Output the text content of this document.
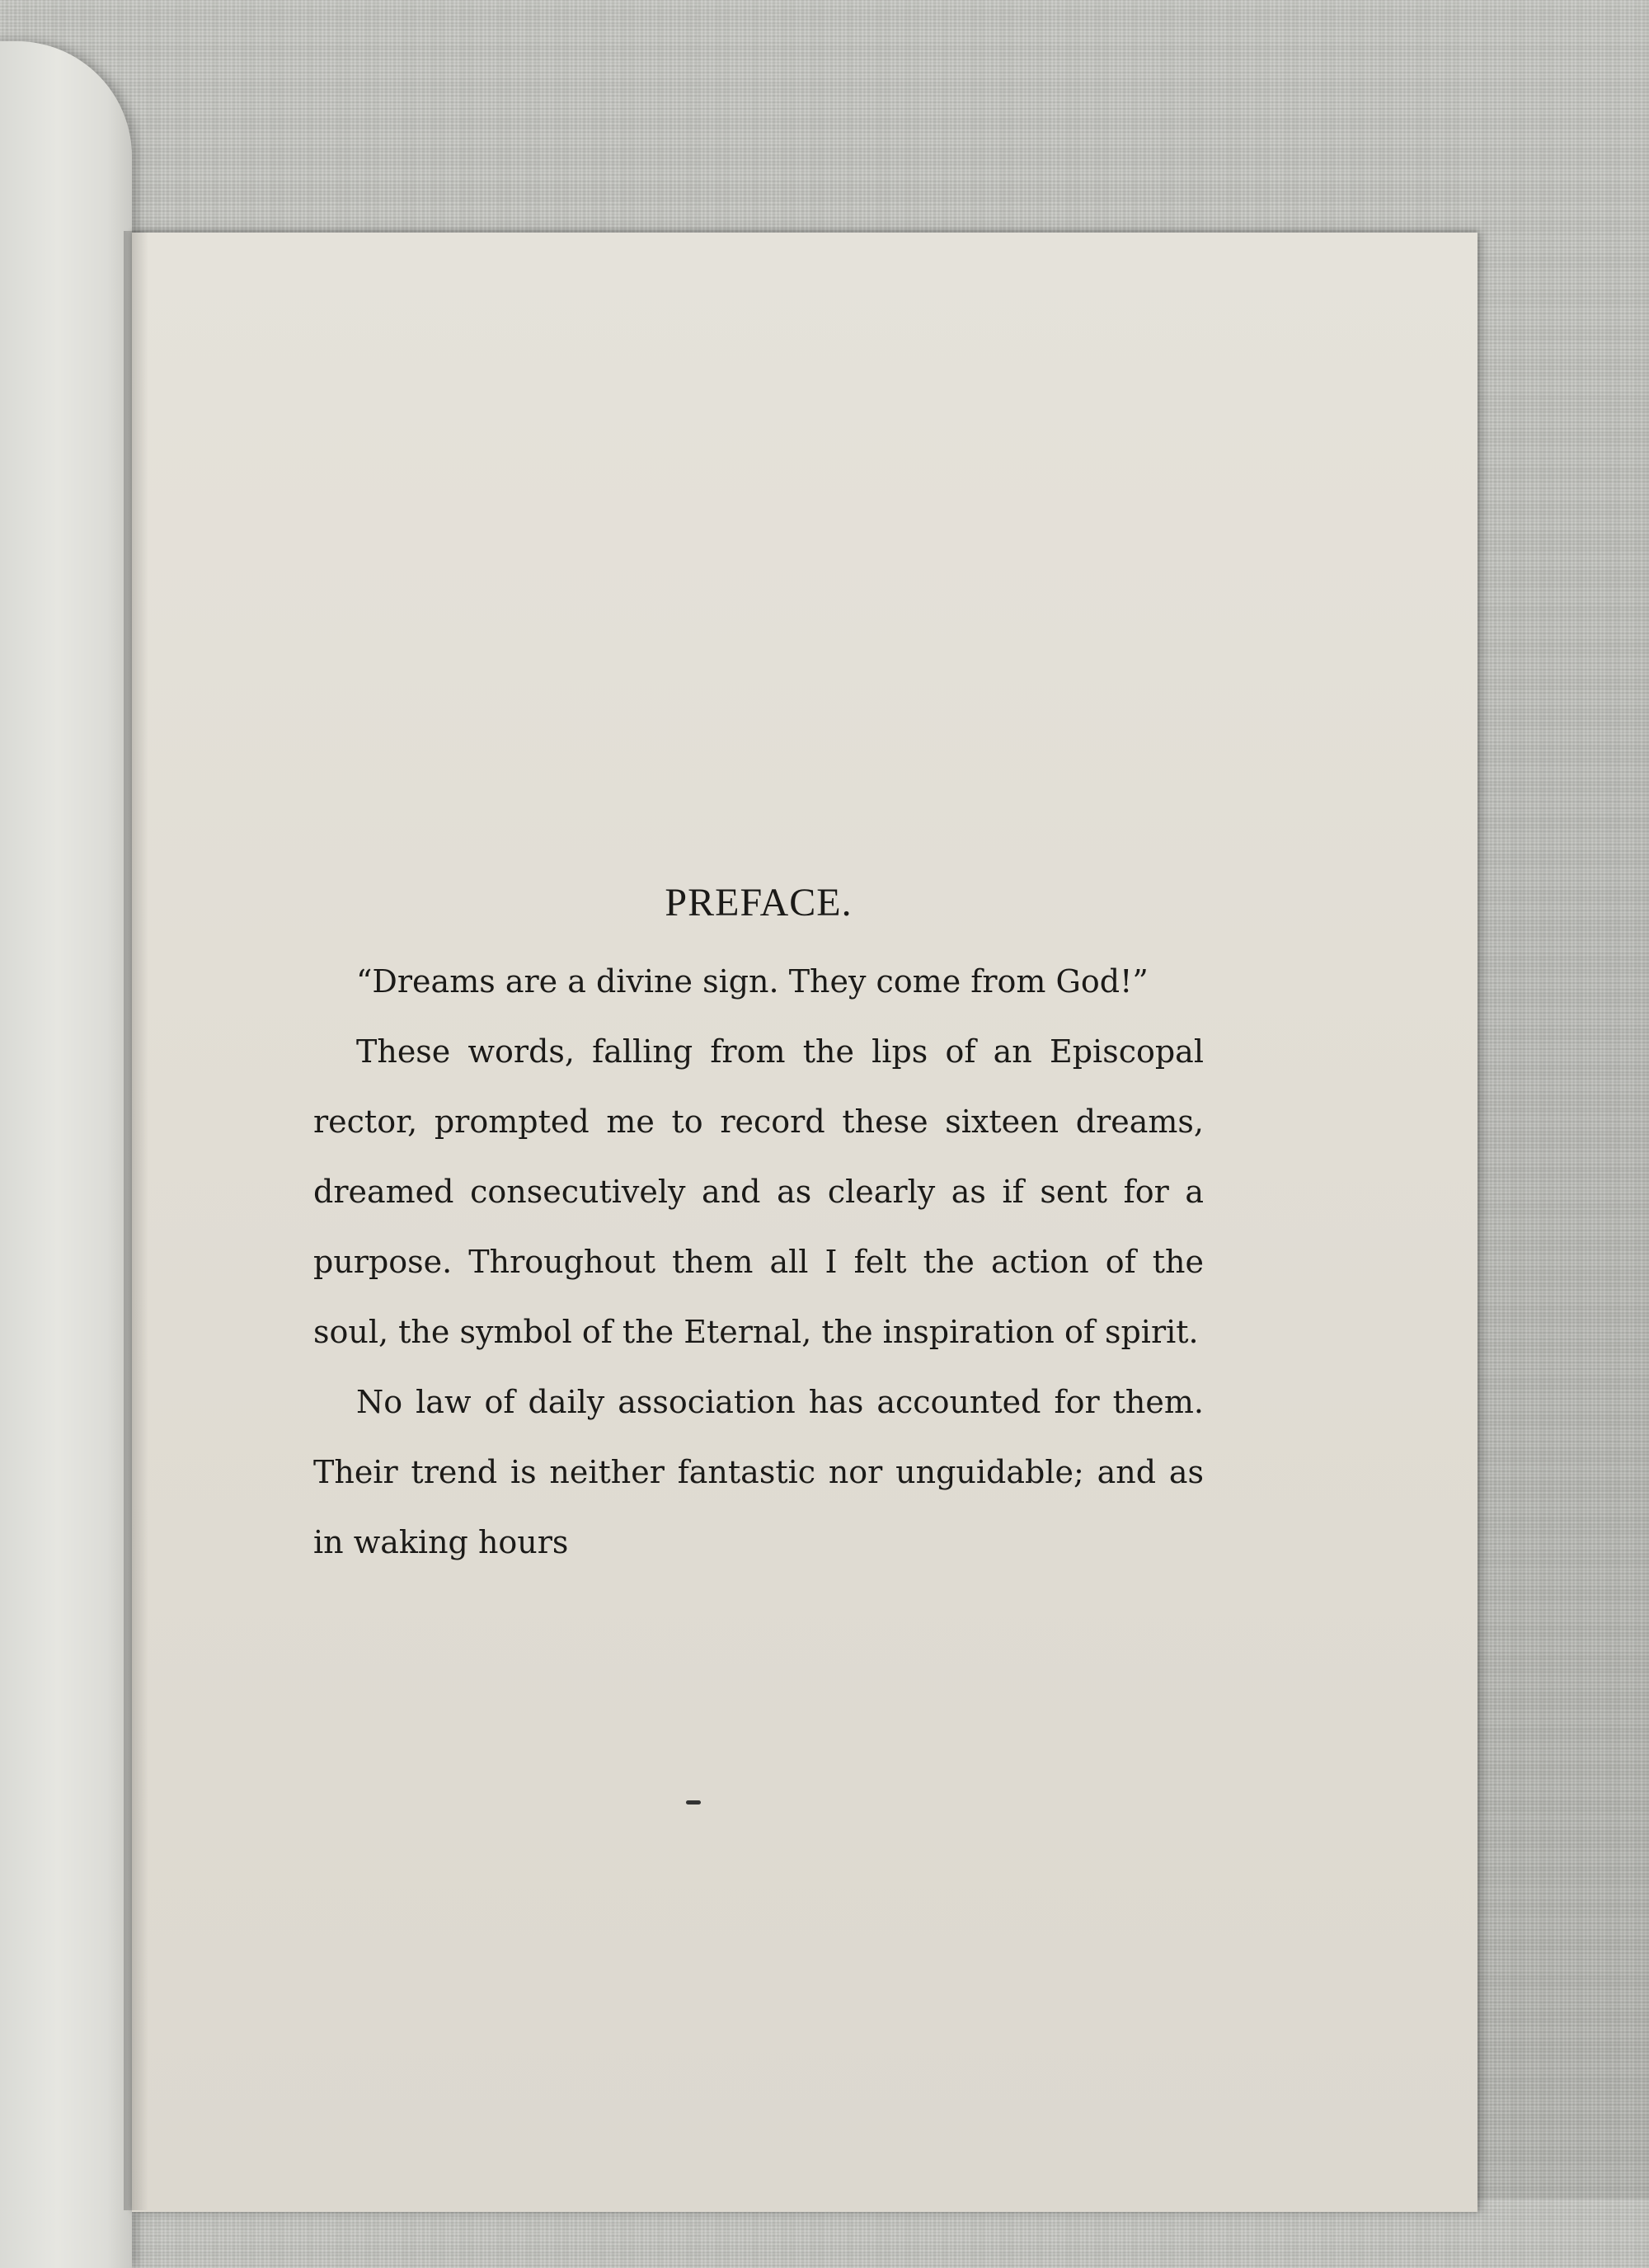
PREFACE.

“Dreams are a divine sign. They come from God!”

These words, falling from the lips of an Episcopal rector, prompted me to record these sixteen dreams, dreamed consecutively and as clearly as if sent for a purpose. Throughout them all I felt the action of the soul, the symbol of the Eternal, the inspiration of spirit.

No law of daily association has accounted for them. Their trend is neither fantastic nor unguidable; and as in waking hours
